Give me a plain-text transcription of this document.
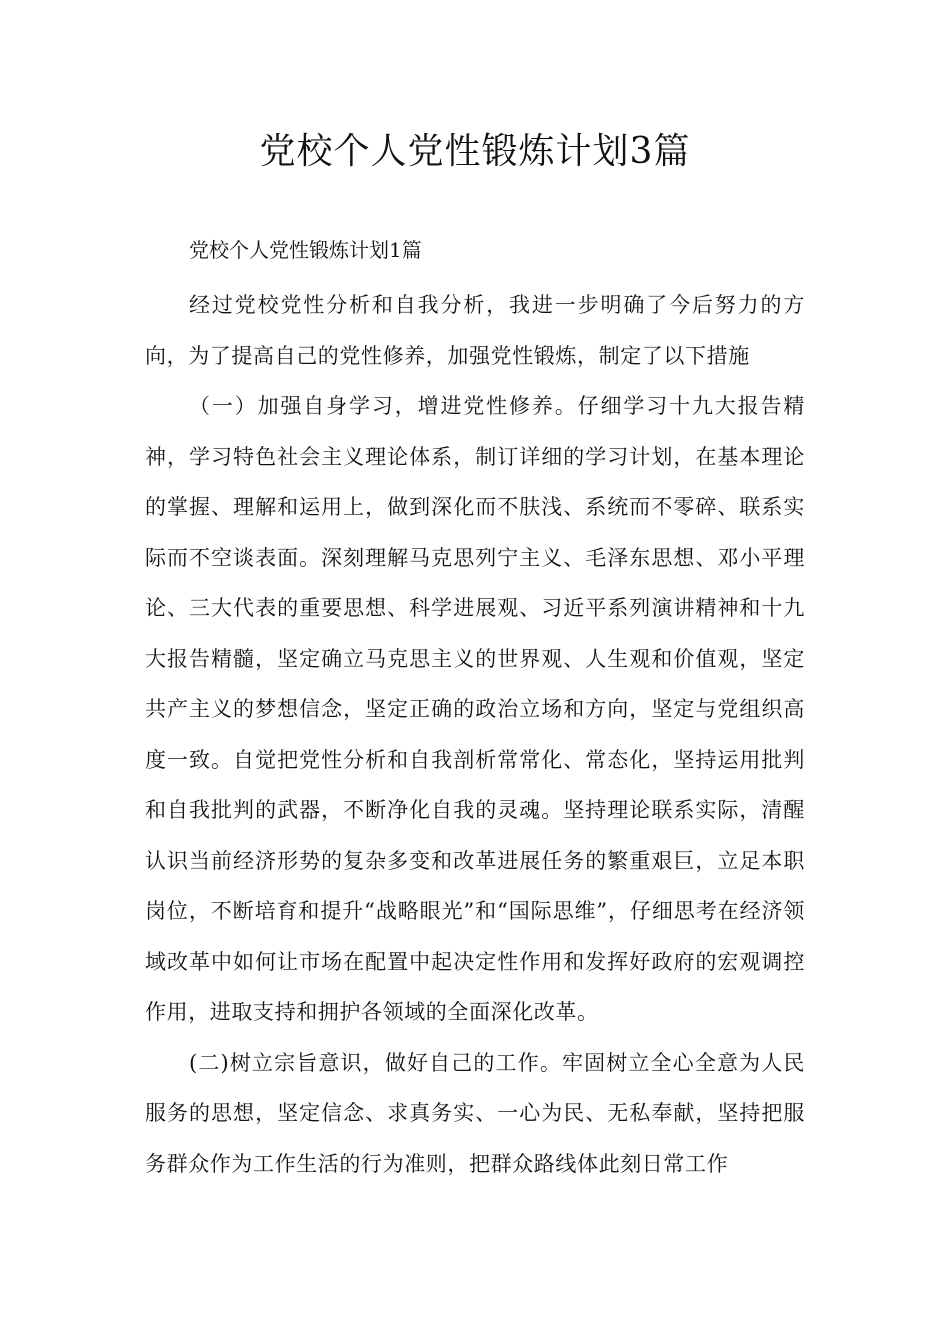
党校个人党性锻炼计划3篇

党校个人党性锻炼计划1篇

经过党校党性分析和自我分析，我进一步明确了今后努力的方向，为了提高自己的党性修养，加强党性锻炼，制定了以下措施

（一）加强自身学习，增进党性修养。仔细学习十九大报告精神，学习特色社会主义理论体系，制订详细的学习计划，在基本理论的掌握、理解和运用上，做到深化而不肤浅、系统而不零碎、联系实际而不空谈表面。深刻理解马克思列宁主义、毛泽东思想、邓小平理论、三大代表的重要思想、科学进展观、习近平系列演讲精神和十九大报告精髓，坚定确立马克思主义的世界观、人生观和价值观，坚定共产主义的梦想信念，坚定正确的政治立场和方向，坚定与党组织高度一致。自觉把党性分析和自我剖析常常化、常态化，坚持运用批判和自我批判的武器，不断净化自我的灵魂。坚持理论联系实际，清醒认识当前经济形势的复杂多变和改革进展任务的繁重艰巨，立足本职岗位，不断培育和提升“战略眼光”和“国际思维”，仔细思考在经济领域改革中如何让市场在配置中起决定性作用和发挥好政府的宏观调控作用，进取支持和拥护各领域的全面深化改革。

(二)树立宗旨意识，做好自己的工作。牢固树立全心全意为人民服务的思想，坚定信念、求真务实、一心为民、无私奉献，坚持把服务群众作为工作生活的行为准则，把群众路线体此刻日常工作
